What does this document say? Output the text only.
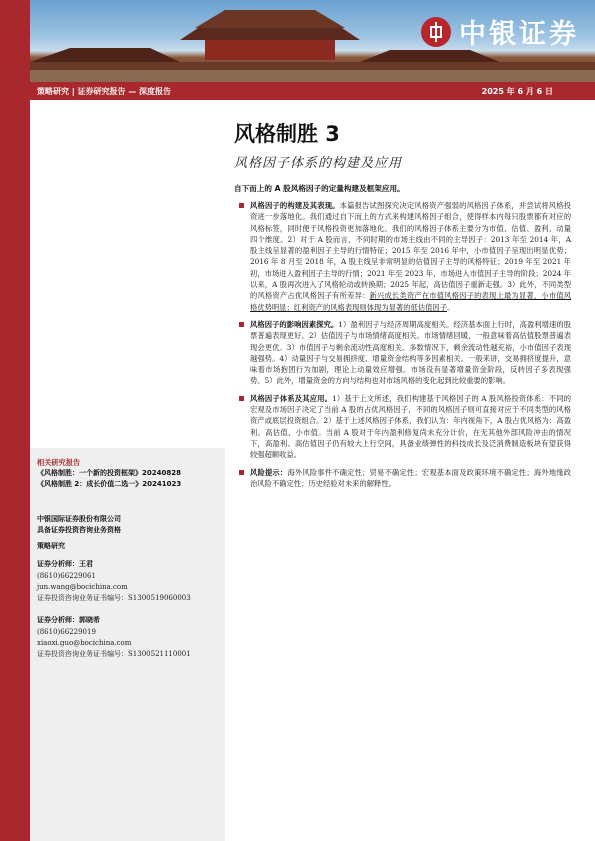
中银证券
策略研究 | 证券研究报告 — 深度报告	2025 年 6 月 6 日
风格制胜 3
风格因子体系的构建及应用
自下而上的 A 股风格因子的定量构建及框架应用。
风格因子的构建及其表现。本篇报告试图探究决定风格资产强弱的风格因子体系，并尝试将风格投资进一步落地化。我们通过自下而上的方式来构建风格因子组合，使得样本内每只股票都有对应的风格标签，同时便于风格投资更加落地化。我们的风格因子体系主要分为市值、估值、盈利、动量四个维度。2）对于 A 股而言，不同时期的市场主线由不同的主导因子：2013 年至 2014 年，A 股主线呈显著的盈利因子主导的行情特征；2015 年至 2016 年中，小市值因子呈现出明显优势；2016 年 8 月至 2018 年，A 股主线呈非常明显的估值因子主导的风格特征；2019 年至 2021 年初，市场进入盈利因子主导的行情；2021 年至 2023 年，市场进入市值因子主导的阶段；2024 年以来，A 股再次进入了风格轮动或转换期；2025 年起，高估值因子重新走强。3）此外，不同类型的风格资产占优风格因子有所差异：新兴成长类资产在市值风格因子的表现上最为显著，小市值风格优势明显；红利资产的风格表现则体现为显著的低估值因子。
风格因子的影响因素探究。1）盈利因子与经济周期高度相关。经济基本面上行时，高盈利增速的股票普遍表现更好。2）估值因子与市场情绪高度相关。市场情绪回暖，一般意味着高估值股票普遍表现会更优。3）市值因子与剩余流动性高度相关。多数情况下，剩余流动性越充裕，小市值因子表现越强势。4）动量因子与交易拥挤度、增量资金结构等多因素相关。一般来讲，交易拥挤度提升，意味着市场抱团行为加剧，理论上动量效应增强。市场没有显著增量资金阶段，反转因子多表现强势。5）此外，增量资金的方向与结构也对市场风格的变化起到比较重要的影响。
风格因子体系及其应用。1）基于上文所述，我们构建基于风格因子的 A 股风格投资体系：不同的宏观及市场因子决定了当前 A 股的占优风格因子，不同的风格因子则可直接对应于不同类型的风格资产或底层投资组合。2）基于上述风格因子体系，我们认为：年内视角下，A 股占优风格为：高盈利、高估值、小市值。当前 A 股对于年内盈利修复尚未充分计价，在无其他外部风险冲击的情况下，高盈利、高估值因子仍有较大上行空间，具备业绩弹性的科技成长及泛消费制造板块有望获得较强超额收益。
风险提示：海外风险事件不确定性；贸易不确定性；宏观基本面及政策环境不确定性；海外地缘政治风险不确定性；历史经验对未来的解释性。
相关研究报告
《风格制胜：一个新的投资框架》20240828
《风格制胜 2：成长价值二选一》20241023
中银国际证券股份有限公司
具备证券投资咨询业务资格
策略研究
证券分析师：王君
(8610)66229061
jun.wang@bocichina.com
证券投资咨询业务证书编号：S1300519060003
证券分析师：郭晓希
(8610)66229019
xiaoxi.guo@bocichina.com
证券投资咨询业务证书编号：S1300521110001
